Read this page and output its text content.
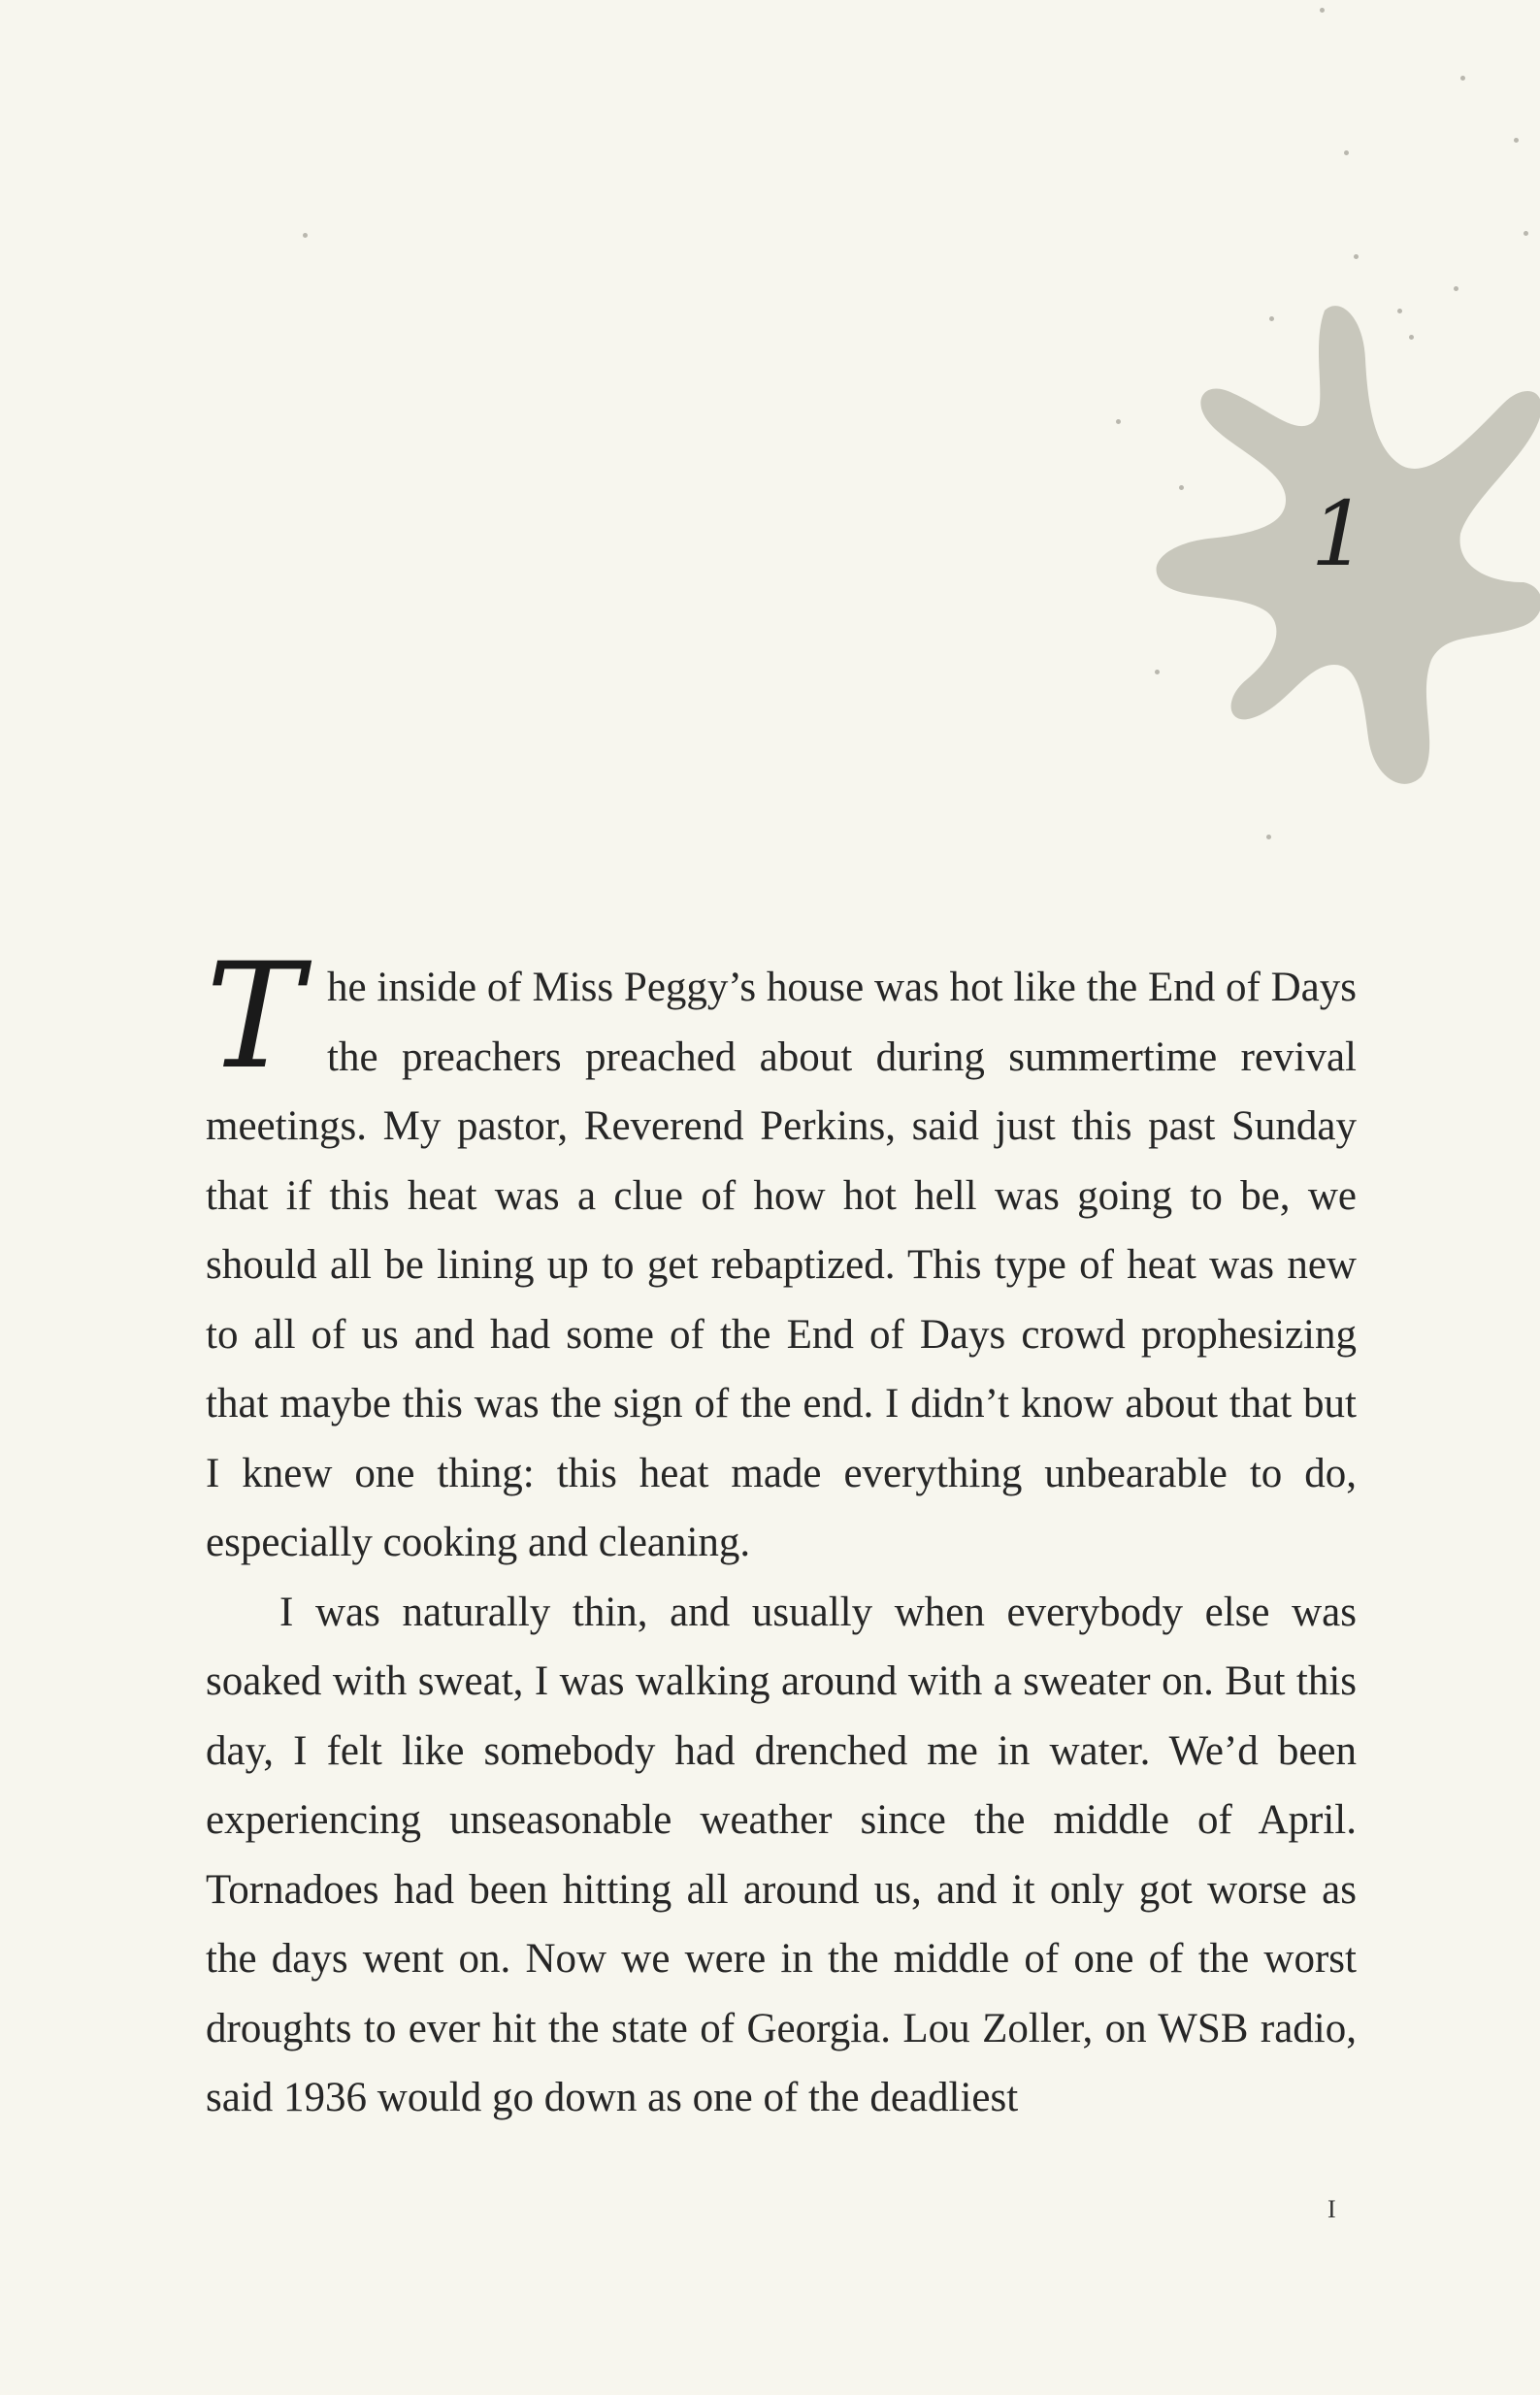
1

The inside of Miss Peggy’s house was hot like the End of Days the preachers preached about during summertime revival meetings. My pastor, Reverend Perkins, said just this past Sunday that if this heat was a clue of how hot hell was going to be, we should all be lining up to get rebaptized. This type of heat was new to all of us and had some of the End of Days crowd prophesizing that maybe this was the sign of the end. I didn’t know about that but I knew one thing: this heat made everything unbearable to do, especially cooking and cleaning.

I was naturally thin, and usually when everybody else was soaked with sweat, I was walking around with a sweater on. But this day, I felt like somebody had drenched me in water. We’d been experiencing unseasonable weather since the middle of April. Tornadoes had been hitting all around us, and it only got worse as the days went on. Now we were in the middle of one of the worst droughts to ever hit the state of Georgia. Lou Zoller, on WSB radio, said 1936 would go down as one of the deadliest

I
